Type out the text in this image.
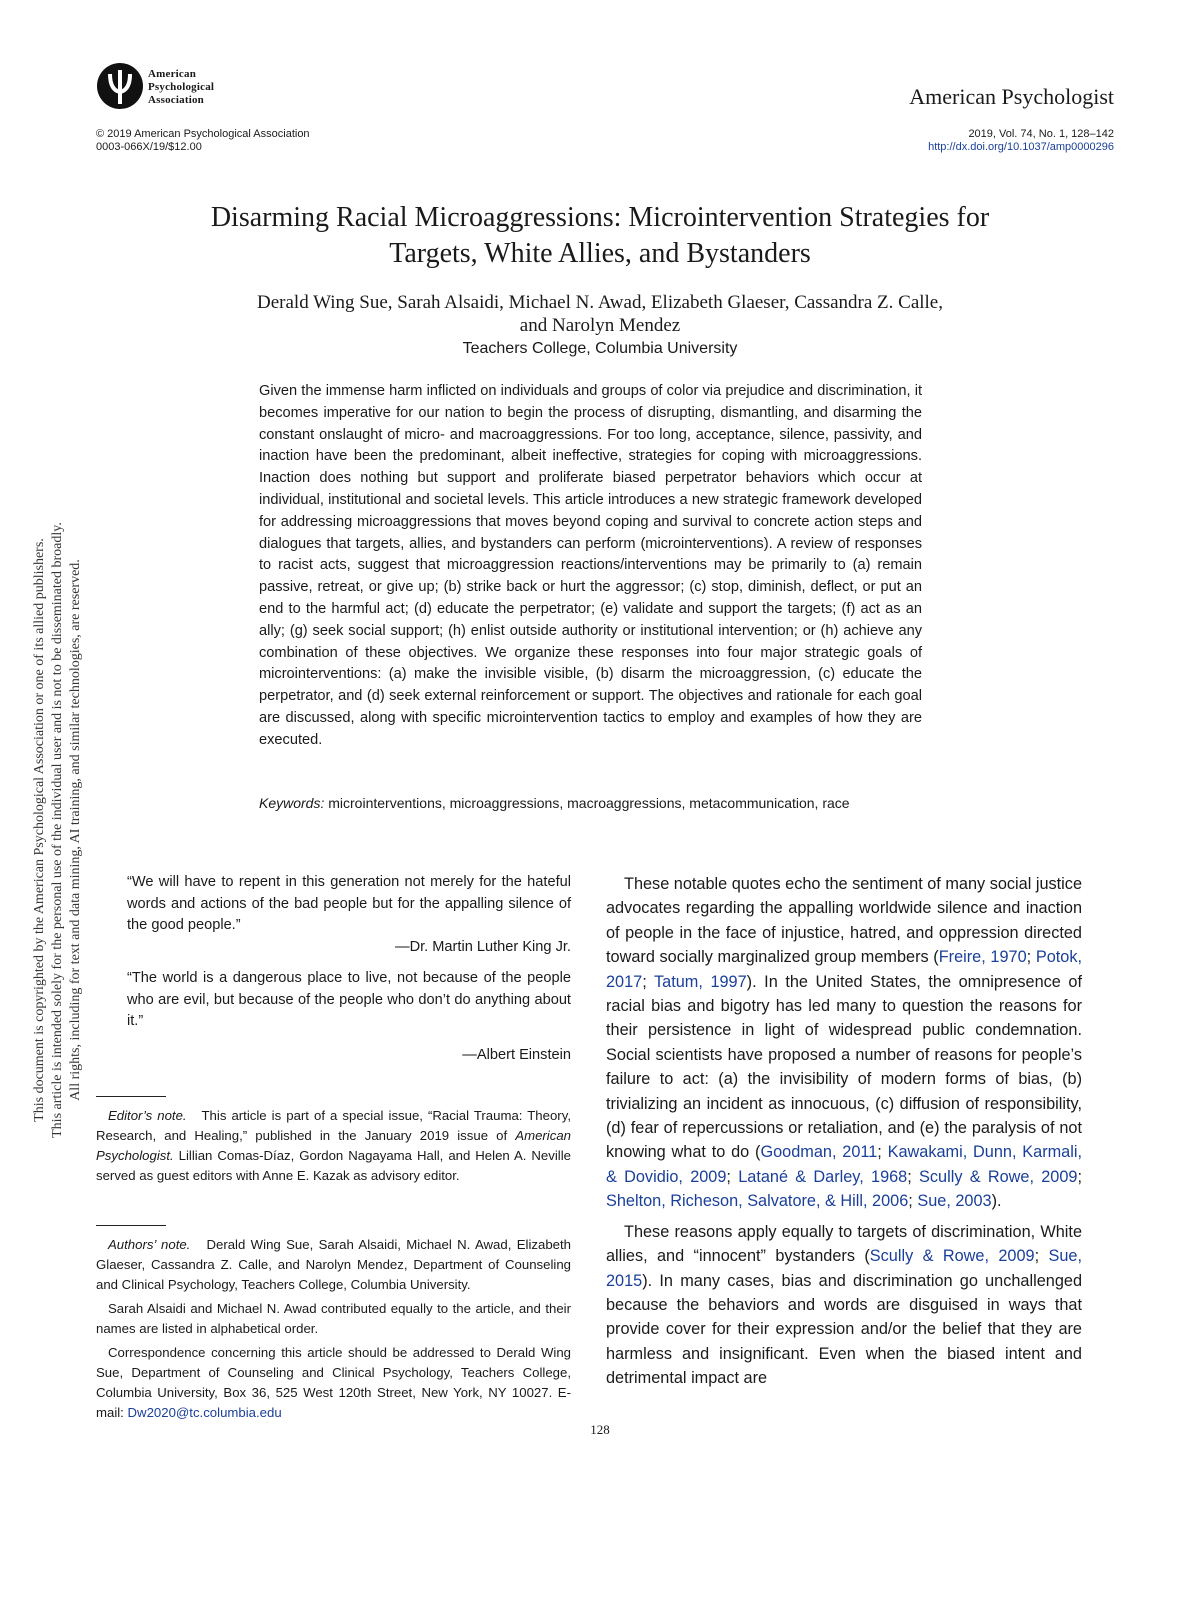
American
Psychological
Association	American Psychologist
© 2019 American Psychological Association
0003-066X/19/$12.00
2019, Vol. 74, No. 1, 128–142
http://dx.doi.org/10.1037/amp0000296
Disarming Racial Microaggressions: Microintervention Strategies for
Targets, White Allies, and Bystanders
Derald Wing Sue, Sarah Alsaidi, Michael N. Awad, Elizabeth Glaeser, Cassandra Z. Calle,
and Narolyn Mendez
Teachers College, Columbia University
Given the immense harm inflicted on individuals and groups of color via prejudice and discrimination, it becomes imperative for our nation to begin the process of disrupting, dismantling, and disarming the constant onslaught of micro- and macroaggressions. For too long, acceptance, silence, passivity, and inaction have been the predominant, albeit ineffective, strategies for coping with microaggressions. Inaction does nothing but support and proliferate biased perpetrator behaviors which occur at individual, institutional and societal levels. This article introduces a new strategic framework developed for addressing microaggressions that moves beyond coping and survival to concrete action steps and dialogues that targets, allies, and bystanders can perform (microinterventions). A review of responses to racist acts, suggest that microaggression reactions/interventions may be primarily to (a) remain passive, retreat, or give up; (b) strike back or hurt the aggressor; (c) stop, diminish, deflect, or put an end to the harmful act; (d) educate the perpetrator; (e) validate and support the targets; (f) act as an ally; (g) seek social support; (h) enlist outside authority or institutional intervention; or (h) achieve any combination of these objectives. We organize these responses into four major strategic goals of microinterventions: (a) make the invisible visible, (b) disarm the microaggression, (c) educate the perpetrator, and (d) seek external reinforcement or support. The objectives and rationale for each goal are discussed, along with specific microintervention tactics to employ and examples of how they are executed.
Keywords: microinterventions, microaggressions, macroaggressions, metacommunication, race
This document is copyrighted by the American Psychological Association or one of its allied publishers. This article is intended solely for the personal use of the individual user and is not to be disseminated broadly. All rights, including for text and data mining, AI training, and similar technologies, are reserved.	“We will have to repent in this generation not merely for the hateful words and actions of the bad people but for the appalling silence of the good people.”

—Dr. Martin Luther King Jr.

“The world is a dangerous place to live, not because of the people who are evil, but because of the people who don’t do anything about it.”

—Albert Einstein

Editor’s note. This article is part of a special issue, “Racial Trauma: Theory, Research, and Healing,” published in the January 2019 issue of American Psychologist. Lillian Comas-Díaz, Gordon Nagayama Hall, and Helen A. Neville served as guest editors with Anne E. Kazak as advisory editor.

Authors’ note. Derald Wing Sue, Sarah Alsaidi, Michael N. Awad, Elizabeth Glaeser, Cassandra Z. Calle, and Narolyn Mendez, Department of Counseling and Clinical Psychology, Teachers College, Columbia University.

Sarah Alsaidi and Michael N. Awad contributed equally to the article, and their names are listed in alphabetical order.

Correspondence concerning this article should be addressed to Derald Wing Sue, Department of Counseling and Clinical Psychology, Teachers College, Columbia University, Box 36, 525 West 120th Street, New York, NY 10027. E-mail: Dw2020@tc.columbia.edu

These notable quotes echo the sentiment of many social justice advocates regarding the appalling worldwide silence and inaction of people in the face of injustice, hatred, and oppression directed toward socially marginalized group members (Freire, 1970; Potok, 2017; Tatum, 1997). In the United States, the omnipresence of racial bias and bigotry has led many to question the reasons for their persistence in light of widespread public condemnation. Social scientists have proposed a number of reasons for people’s failure to act: (a) the invisibility of modern forms of bias, (b) trivializing an incident as innocuous, (c) diffusion of responsibility, (d) fear of repercussions or retaliation, and (e) the paralysis of not knowing what to do (Goodman, 2011; Kawakami, Dunn, Karmali, & Dovidio, 2009; Latané & Darley, 1968; Scully & Rowe, 2009; Shelton, Richeson, Salvatore, & Hill, 2006; Sue, 2003).

These reasons apply equally to targets of discrimination, White allies, and “innocent” bystanders (Scully & Rowe, 2009; Sue, 2015). In many cases, bias and discrimination go unchallenged because the behaviors and words are disguised in ways that provide cover for their expression and/or the belief that they are harmless and insignificant. Even when the biased intent and detrimental impact are

128
